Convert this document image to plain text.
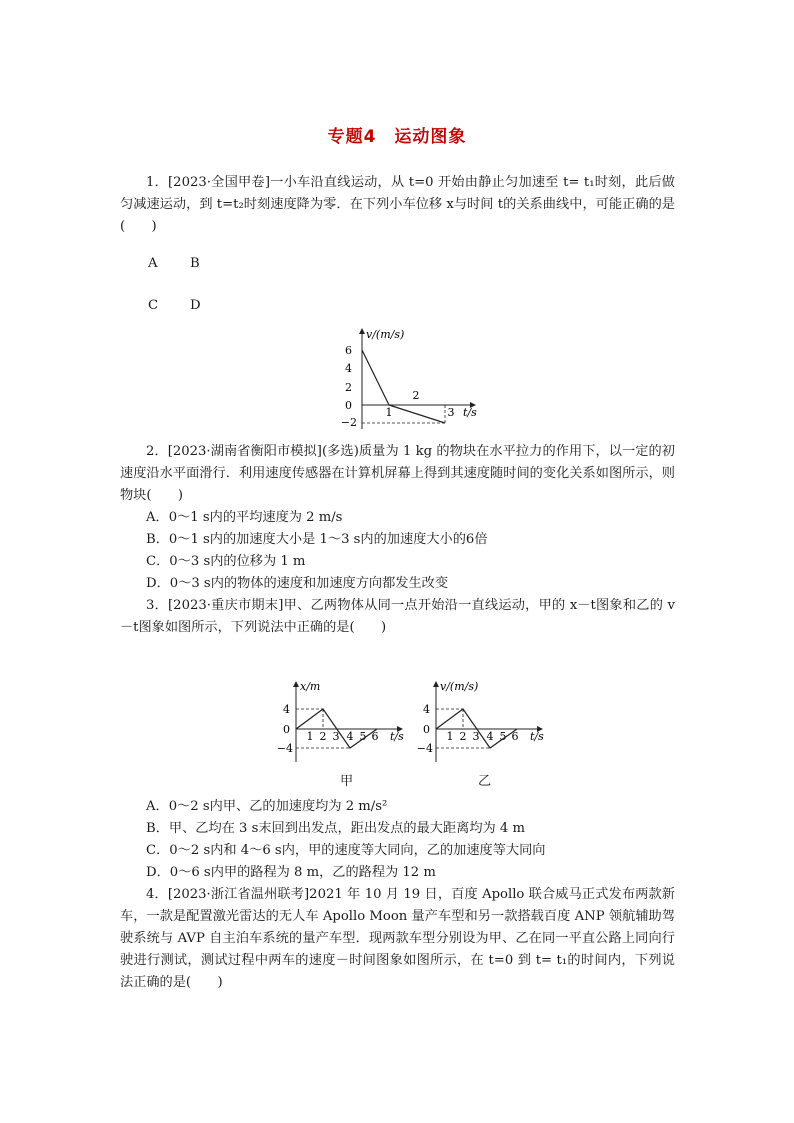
专题4　运动图象
1．[2023·全国甲卷]一小车沿直线运动，从 t=0 开始由静止匀加速至 t= t₁时刻，此后做匀减速运动，到 t=t₂时刻速度降为零．在下列小车位移 x与时间 t的关系曲线中，可能正确的是(　　)
A B
C D
v/(m/s)
t/s
6
4
2
0
−2
1
2
3
2．[2023·湖南省衡阳市模拟](多选)质量为 1 kg 的物块在水平拉力的作用下，以一定的初速度沿水平面滑行．利用速度传感器在计算机屏幕上得到其速度随时间的变化关系如图所示，则物块(　　)
A．0～1 s内的平均速度为 2 m/s
B．0～1 s内的加速度大小是 1～3 s内的加速度大小的6倍
C．0～3 s内的位移为 1 m
D．0～3 s内的物体的速度和加速度方向都发生改变
3．[2023·重庆市期末]甲、乙两物体从同一点开始沿一直线运动，甲的 x－t图象和乙的 v－t图象如图所示，下列说法中正确的是(　　)
x/m
t/s
4
0
−4
1 2 3 4 5 6
甲
v/(m/s)
t/s
4
0
−4
1 2 3 4 5 6
乙
A．0～2 s内甲、乙的加速度均为 2 m/s²
B．甲、乙均在 3 s末回到出发点，距出发点的最大距离均为 4 m
C．0～2 s内和 4～6 s内，甲的速度等大同向，乙的加速度等大同向
D．0～6 s内甲的路程为 8 m，乙的路程为 12 m
4．[2023·浙江省温州联考]2021 年 10 月 19 日，百度 Apollo 联合威马正式发布两款新车，一款是配置激光雷达的无人车 Apollo Moon 量产车型和另一款搭载百度 ANP 领航辅助驾驶系统与 AVP 自主泊车系统的量产车型．现两款车型分别设为甲、乙在同一平直公路上同向行驶进行测试，测试过程中两车的速度－时间图象如图所示，在 t=0 到 t= t₁的时间内，下列说法正确的是(　　)
